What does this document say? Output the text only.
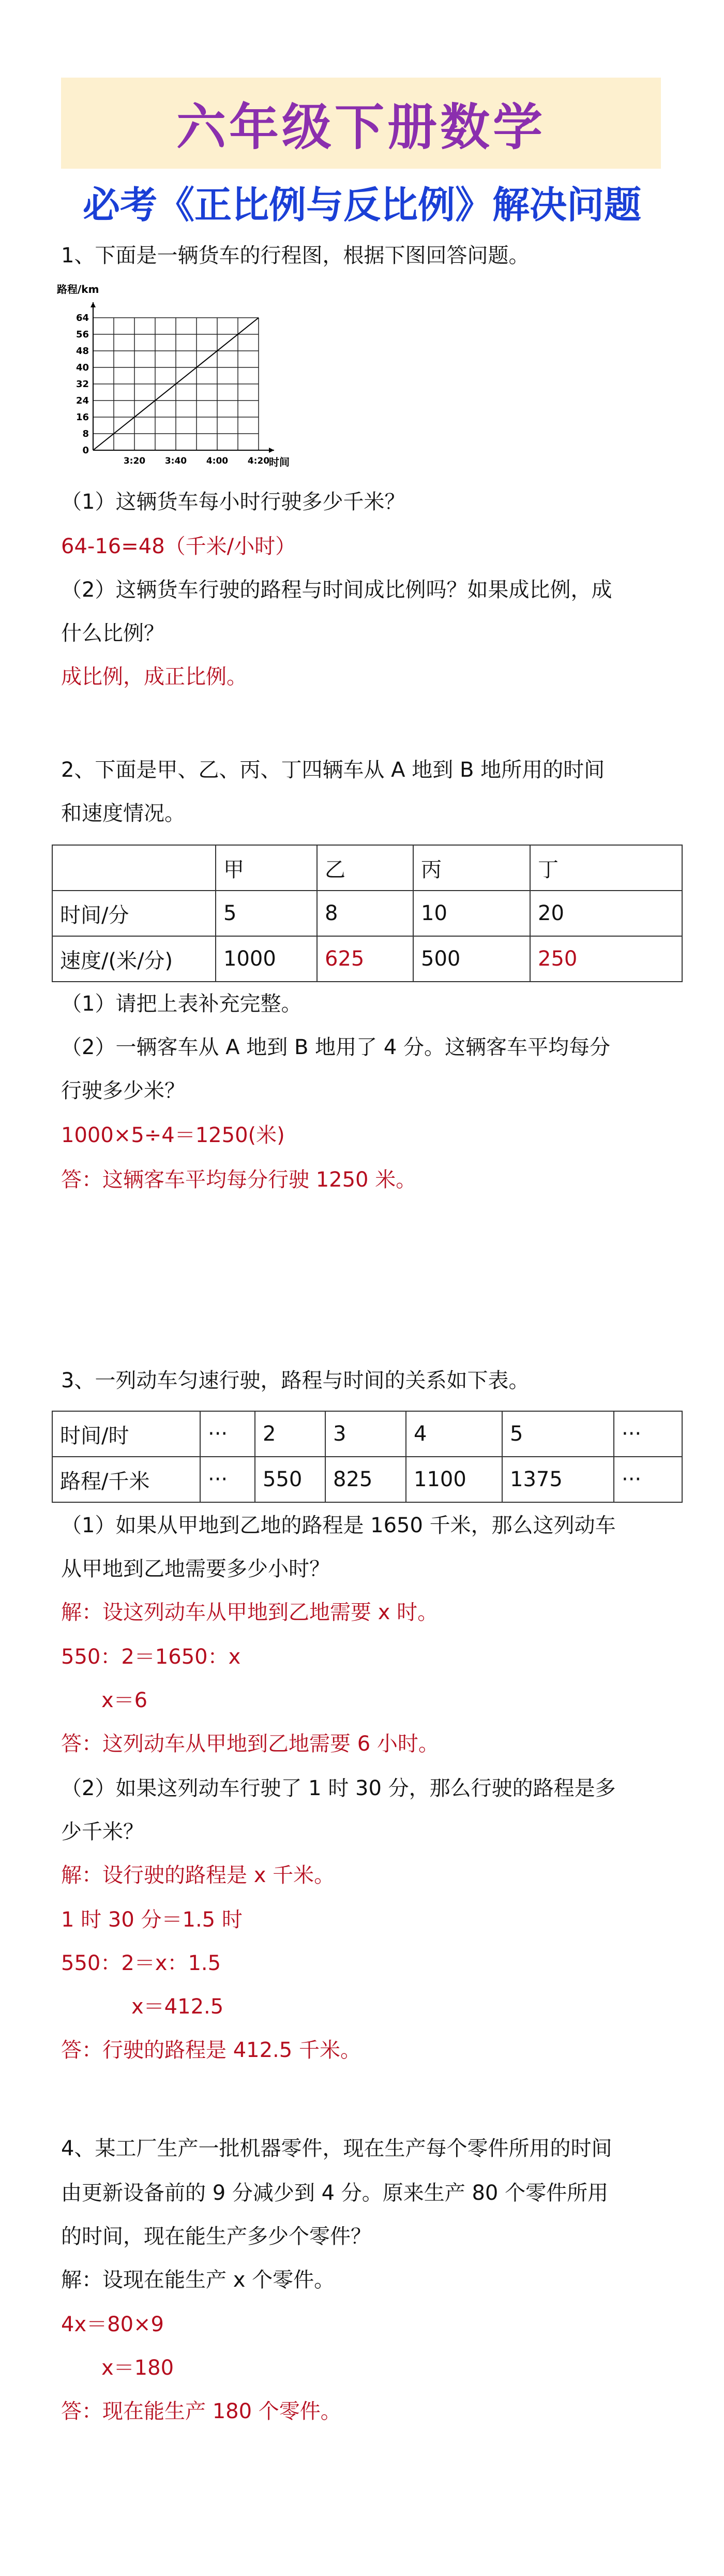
六年级下册数学
必考《正比例与反比例》解决问题
1、下面是一辆货车的行程图，根据下图回答问题。
路程/km
0
8
16
24
32
40
48
56
64
3:20 3:40 4:00 4:20
时间
（1）这辆货车每小时行驶多少千米？
64-16=48（千米/小时）
（2）这辆货车行驶的路程与时间成比例吗？如果成比例，成
什么比例？
成比例，成正比例。
2、下面是甲、乙、丙、丁四辆车从 A 地到 B 地所用的时间
和速度情况。
	甲	乙	丙	丁
时间/分	5	8	10	20
速度/(米/分)	1000	625	500	250
（1）请把上表补充完整。
（2）一辆客车从 A 地到 B 地用了 4 分。这辆客车平均每分
行驶多少米？
1000×5÷4＝1250(米)
答：这辆客车平均每分行驶 1250 米。
3、一列动车匀速行驶，路程与时间的关系如下表。
时间/时	···	2	3	4	5	···
路程/千米	···	550	825	1100	1375	···
（1）如果从甲地到乙地的路程是 1650 千米，那么这列动车
从甲地到乙地需要多少小时？
解：设这列动车从甲地到乙地需要 x 时。
550：2＝1650：x
x＝6
答：这列动车从甲地到乙地需要 6 小时。
（2）如果这列动车行驶了 1 时 30 分，那么行驶的路程是多
少千米？
解：设行驶的路程是 x 千米。
1 时 30 分＝1.5 时
550：2＝x：1.5
x＝412.5
答：行驶的路程是 412.5 千米。
4、某工厂生产一批机器零件，现在生产每个零件所用的时间
由更新设备前的 9 分减少到 4 分。原来生产 80 个零件所用
的时间，现在能生产多少个零件？
解：设现在能生产 x 个零件。
4x＝80×9
x＝180
答：现在能生产 180 个零件。
